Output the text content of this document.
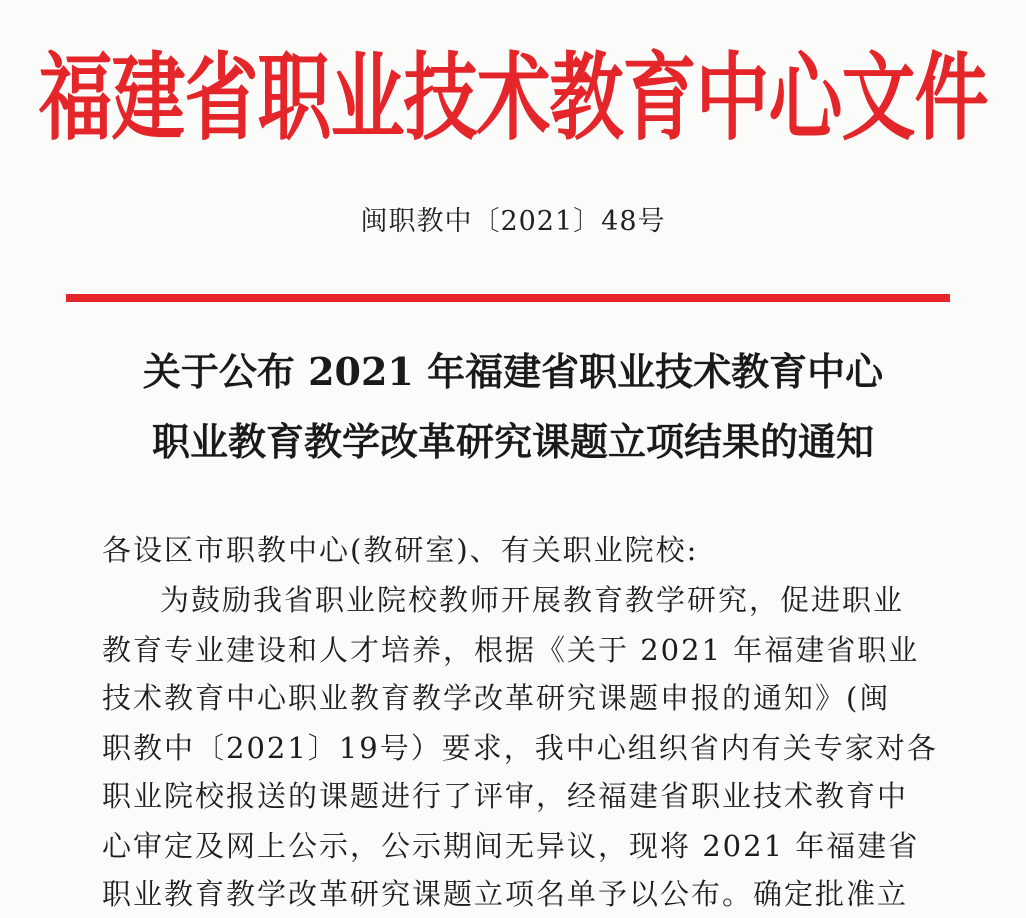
福建省职业技术教育中心文件
闽职教中〔2021〕48号
关于公布 2021 年福建省职业技术教育中心
职业教育教学改革研究课题立项结果的通知
各设区市职教中心(教研室)、有关职业院校:
为鼓励我省职业院校教师开展教育教学研究，促进职业
教育专业建设和人才培养，根据《关于 2021 年福建省职业
技术教育中心职业教育教学改革研究课题申报的通知》(闽
职教中〔2021〕19号）要求，我中心组织省内有关专家对各
职业院校报送的课题进行了评审，经福建省职业技术教育中
心审定及网上公示，公示期间无异议，现将 2021 年福建省
职业教育教学改革研究课题立项名单予以公布。确定批准立
